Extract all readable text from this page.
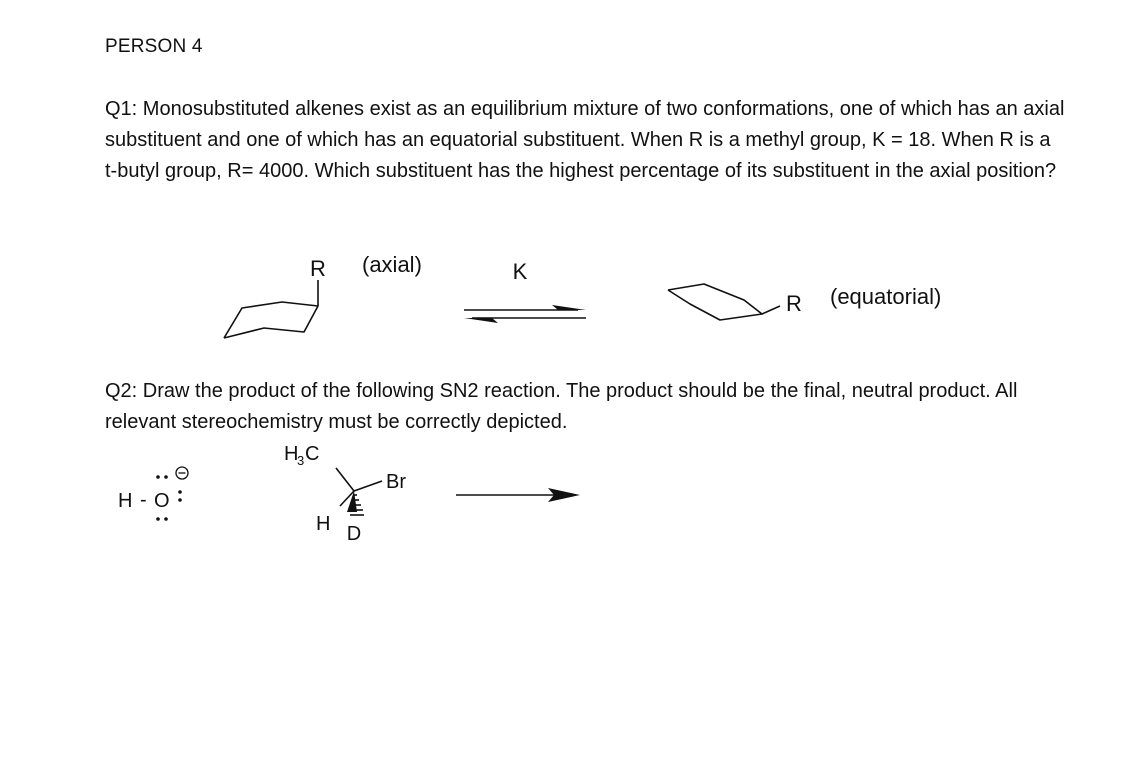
PERSON 4
Q1: Monosubstituted alkenes exist as an equilibrium mixture of two conformations, one of which has an axial substituent and one of which has an equatorial substituent. When R is a methyl group, K = 18. When R is a t-butyl group, R= 4000. Which substituent has the highest percentage of its substituent in the axial position?
R (axial)	K
R (equatorial)
Q2: Draw the product of the following SN2 reaction. The product should be the final, neutral product. All relevant stereochemistry must be correctly depicted.
H - O
H
3 C
Br
H D
